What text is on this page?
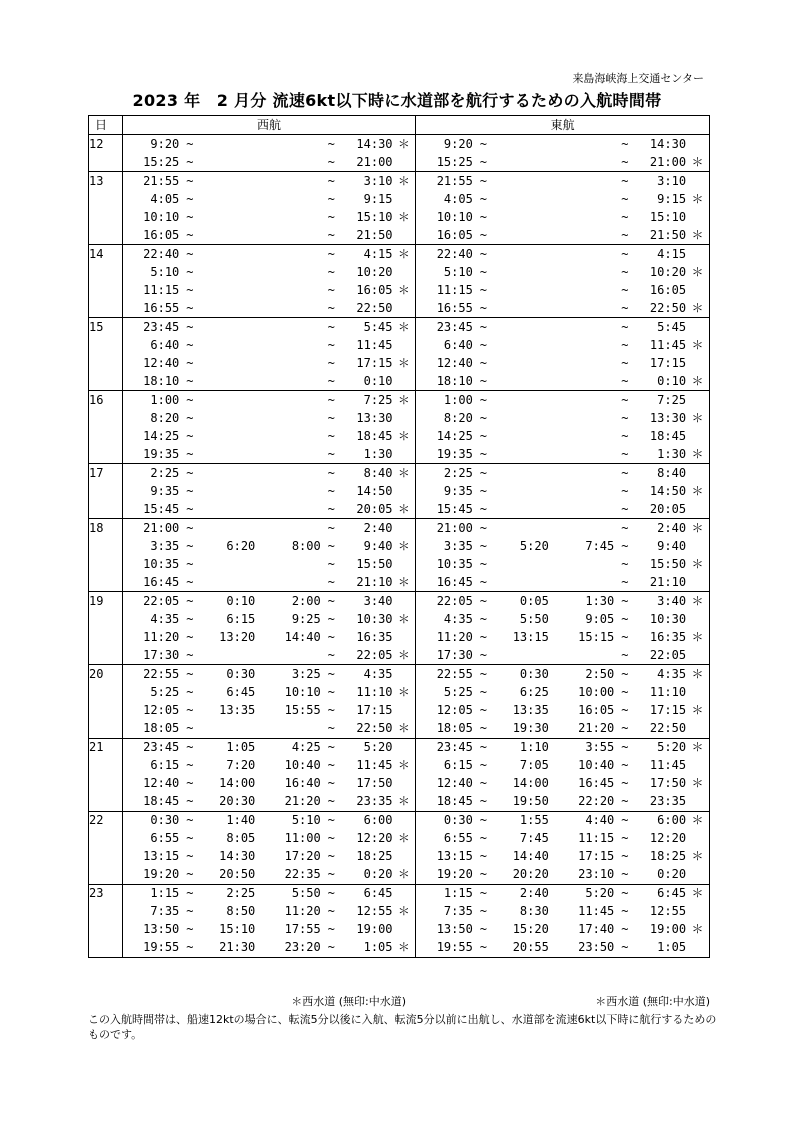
来島海峡海上交通センター
2023 年　2 月分 流速6kt以下時に水道部を航行するための入航時間帯
日	西航							東航						
12	9:20	~			~	14:30	＊	9:20	~			~	14:30	
	15:25	~			~	21:00		15:25	~			~	21:00	＊
13	21:55	~			~	3:10	＊	21:55	~			~	3:10	
	4:05	~			~	9:15		4:05	~			~	9:15	＊
	10:10	~			~	15:10	＊	10:10	~			~	15:10	
	16:05	~			~	21:50		16:05	~			~	21:50	＊
14	22:40	~			~	4:15	＊	22:40	~			~	4:15	
	5:10	~			~	10:20		5:10	~			~	10:20	＊
	11:15	~			~	16:05	＊	11:15	~			~	16:05	
	16:55	~			~	22:50		16:55	~			~	22:50	＊
15	23:45	~			~	5:45	＊	23:45	~			~	5:45	
	6:40	~			~	11:45		6:40	~			~	11:45	＊
	12:40	~			~	17:15	＊	12:40	~			~	17:15	
	18:10	~			~	0:10		18:10	~			~	0:10	＊
16	1:00	~			~	7:25	＊	1:00	~			~	7:25	
	8:20	~			~	13:30		8:20	~			~	13:30	＊
	14:25	~			~	18:45	＊	14:25	~			~	18:45	
	19:35	~			~	1:30		19:35	~			~	1:30	＊
17	2:25	~			~	8:40	＊	2:25	~			~	8:40	
	9:35	~			~	14:50		9:35	~			~	14:50	＊
	15:45	~			~	20:05	＊	15:45	~			~	20:05	
18	21:00	~			~	2:40		21:00	~			~	2:40	＊
	3:35	~	6:20	8:00	~	9:40	＊	3:35	~	5:20	7:45	~	9:40	
	10:35	~			~	15:50		10:35	~			~	15:50	＊
	16:45	~			~	21:10	＊	16:45	~			~	21:10	
19	22:05	~	0:10	2:00	~	3:40		22:05	~	0:05	1:30	~	3:40	＊
	4:35	~	6:15	9:25	~	10:30	＊	4:35	~	5:50	9:05	~	10:30	
	11:20	~	13:20	14:40	~	16:35		11:20	~	13:15	15:15	~	16:35	＊
	17:30	~			~	22:05	＊	17:30	~			~	22:05	
20	22:55	~	0:30	3:25	~	4:35		22:55	~	0:30	2:50	~	4:35	＊
	5:25	~	6:45	10:10	~	11:10	＊	5:25	~	6:25	10:00	~	11:10	
	12:05	~	13:35	15:55	~	17:15		12:05	~	13:35	16:05	~	17:15	＊
	18:05	~			~	22:50	＊	18:05	~	19:30	21:20	~	22:50	
21	23:45	~	1:05	4:25	~	5:20		23:45	~	1:10	3:55	~	5:20	＊
	6:15	~	7:20	10:40	~	11:45	＊	6:15	~	7:05	10:40	~	11:45	
	12:40	~	14:00	16:40	~	17:50		12:40	~	14:00	16:45	~	17:50	＊
	18:45	~	20:30	21:20	~	23:35	＊	18:45	~	19:50	22:20	~	23:35	
22	0:30	~	1:40	5:10	~	6:00		0:30	~	1:55	4:40	~	6:00	＊
	6:55	~	8:05	11:00	~	12:20	＊	6:55	~	7:45	11:15	~	12:20	
	13:15	~	14:30	17:20	~	18:25		13:15	~	14:40	17:15	~	18:25	＊
	19:20	~	20:50	22:35	~	0:20	＊	19:20	~	20:20	23:10	~	0:20	
23	1:15	~	2:25	5:50	~	6:45		1:15	~	2:40	5:20	~	6:45	＊
	7:35	~	8:50	11:20	~	12:55	＊	7:35	~	8:30	11:45	~	12:55	
	13:50	~	15:10	17:55	~	19:00		13:50	~	15:20	17:40	~	19:00	＊
	19:55	~	21:30	23:20	~	1:05	＊	19:55	~	20:55	23:50	~	1:05	
＊西水道 (無印:中水道)	＊西水道 (無印:中水道)
この入航時間帯は、船速12ktの場合に、転流5分以後に入航、転流5分以前に出航し、水道部を流速6kt以下時に航行するためのものです。
